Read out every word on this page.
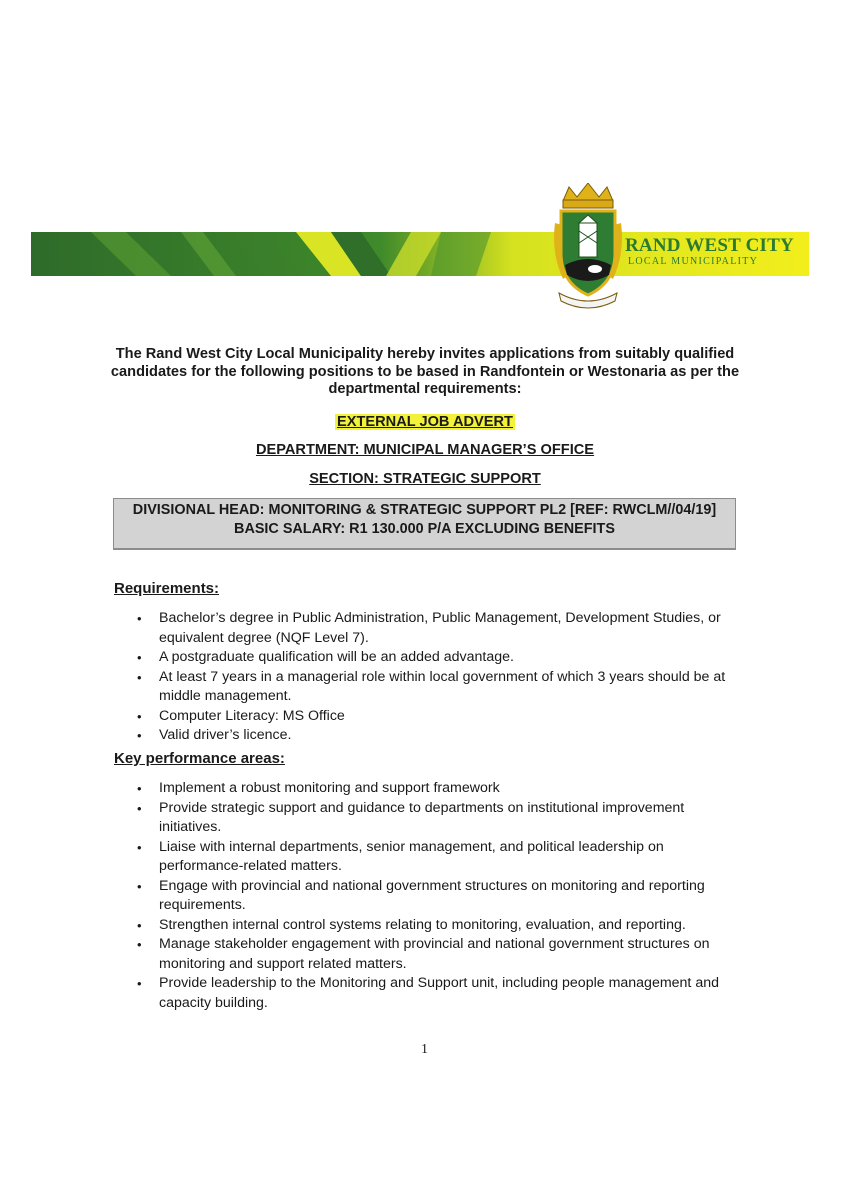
RAND WEST CITY
LOCAL MUNICIPALITY
The Rand West City Local Municipality hereby invites applications from suitably qualified candidates for the following positions to be based in Randfontein or Westonaria as per the departmental requirements:
EXTERNAL JOB ADVERT
DEPARTMENT: MUNICIPAL MANAGER’S OFFICE
SECTION: STRATEGIC SUPPORT
DIVISIONAL HEAD: MONITORING & STRATEGIC SUPPORT PL2 [REF: RWCLM//04/19]
BASIC SALARY: R1 130.000 P/A EXCLUDING BENEFITS
Requirements:
• Bachelor’s degree in Public Administration, Public Management, Development Studies, or equivalent degree (NQF Level 7).
• A postgraduate qualification will be an added advantage.
• At least 7 years in a managerial role within local government of which 3 years should be at middle management.
• Computer Literacy: MS Office
• Valid driver’s licence.
Key performance areas:
• Implement a robust monitoring and support framework
• Provide strategic support and guidance to departments on institutional improvement initiatives.
• Liaise with internal departments, senior management, and political leadership on performance-related matters.
• Engage with provincial and national government structures on monitoring and reporting requirements.
• Strengthen internal control systems relating to monitoring, evaluation, and reporting.
• Manage stakeholder engagement with provincial and national government structures on monitoring and support related matters.
• Provide leadership to the Monitoring and Support unit, including people management and capacity building.
1
